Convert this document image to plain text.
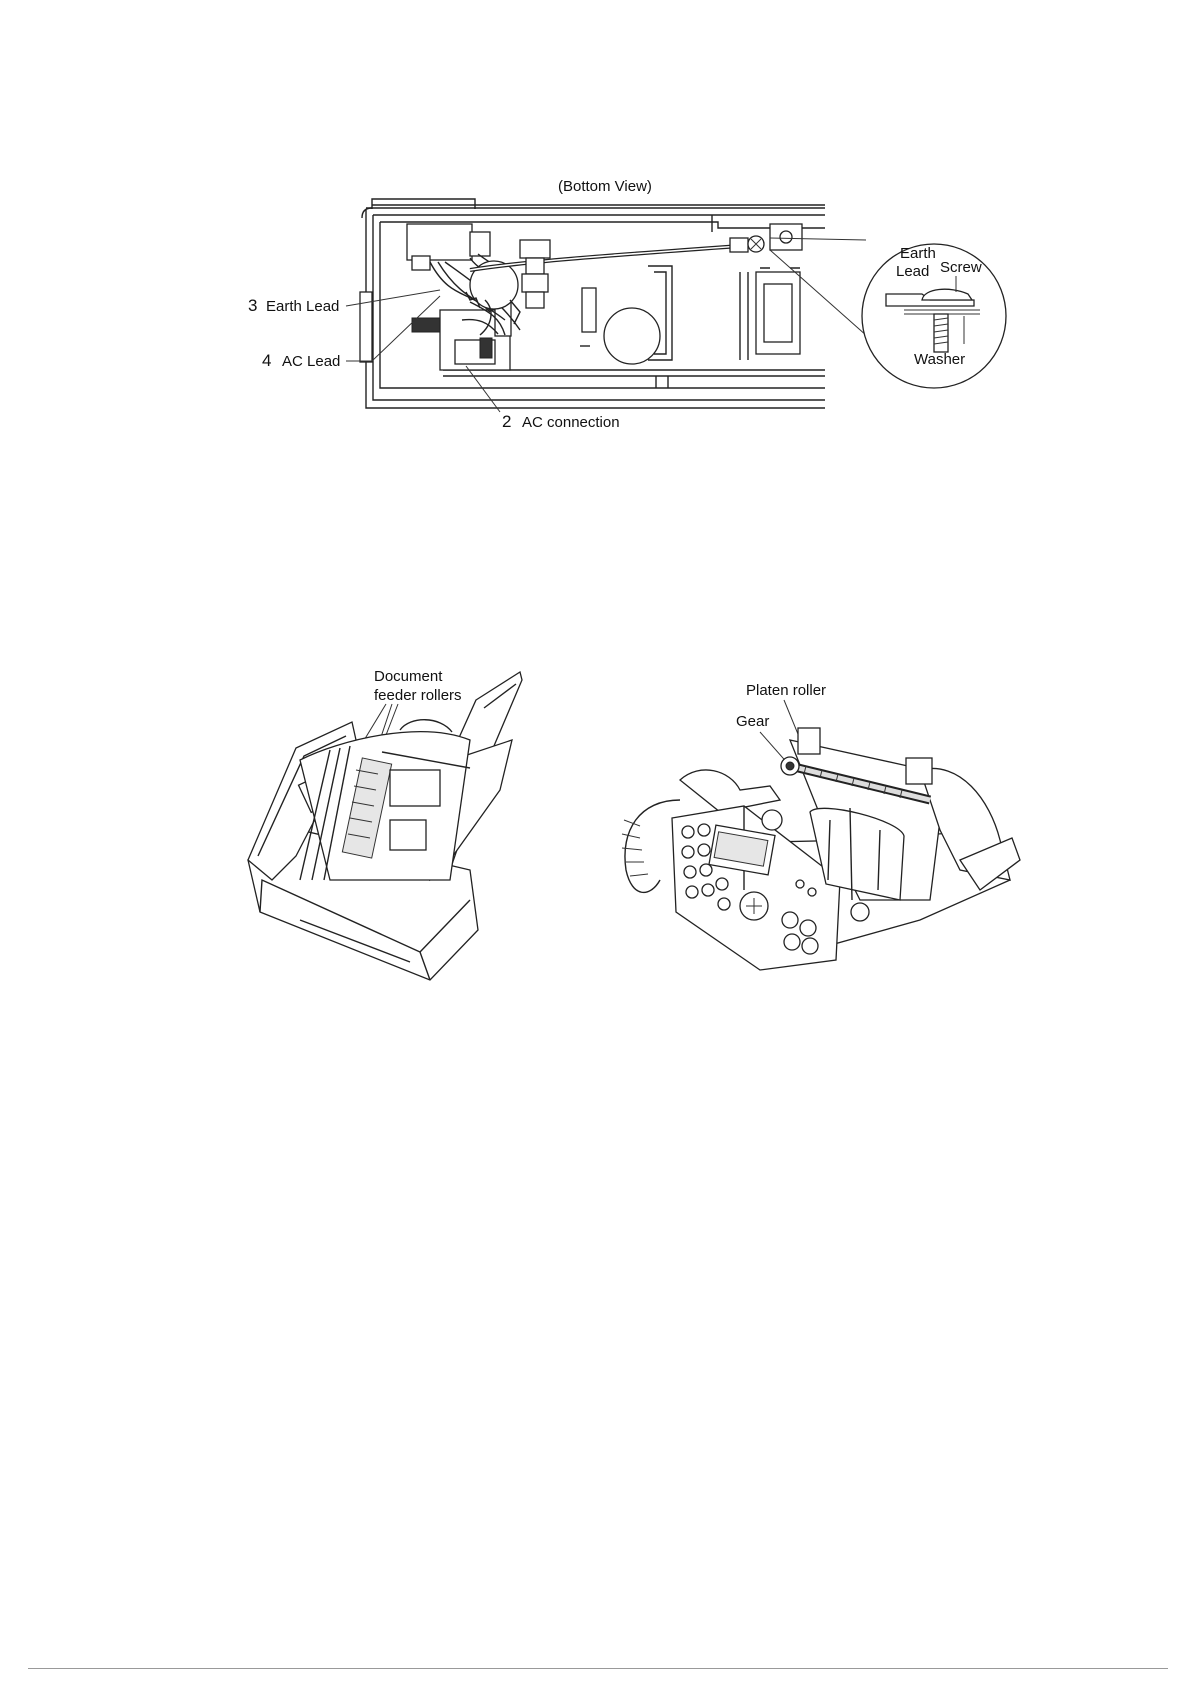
(Bottom View)
Earth
Lead Screw
Washer
3 Earth Lead
4 AC Lead
2 AC connection
Document
feeder rollers	Platen roller
Gear
